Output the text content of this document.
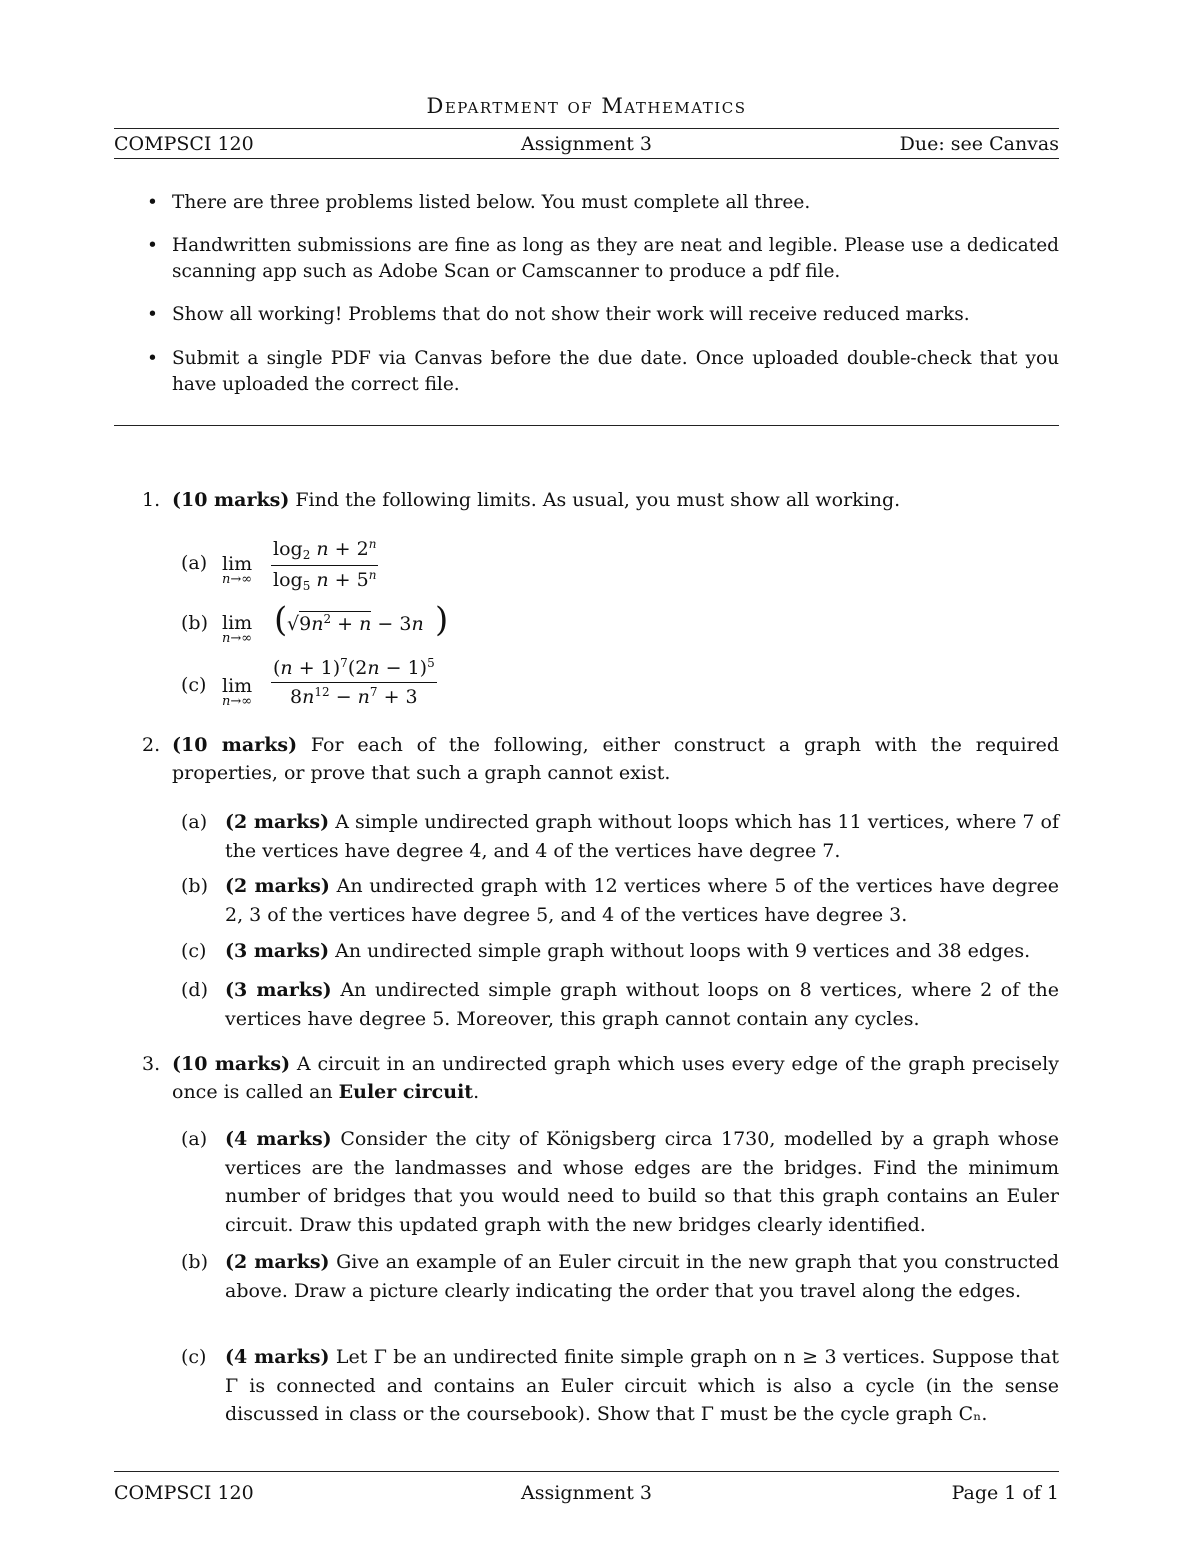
Department of Mathematics
COMPSCI 120	Assignment 3	Due: see Canvas
• There are three problems listed below. You must complete all three.
• Handwritten submissions are fine as long as they are neat and legible. Please use a dedicated scanning app such as Adobe Scan or Camscanner to produce a pdf file.
• Show all working! Problems that do not show their work will receive reduced marks.
• Submit a single PDF via Canvas before the due date. Once uploaded double-check that you have uploaded the correct file.
1. (10 marks) Find the following limits. As usual, you must show all working.
(a) lim
$n\to\infty \frac{\log_2 n + 2^n}{\log_5 n + 5^n}$
(b) lim
n→∞ ( $√9n^2 + n - 3n$ )
(c) lim
$n\to\infty \frac{(n + 1)^7(2n - 1)^5}{8n^{12} - n^7 + 3}$
2. (10 marks) For each of the following, either construct a graph with the required properties, or prove that such a graph cannot exist.
(a) (2 marks) A simple undirected graph without loops which has 11 vertices, where 7 of the vertices have degree 4, and 4 of the vertices have degree 7.
(b) (2 marks) An undirected graph with 12 vertices where 5 of the vertices have degree 2, 3 of the vertices have degree 5, and 4 of the vertices have degree 3.
(c) (3 marks) An undirected simple graph without loops with 9 vertices and 38 edges.
(d) (3 marks) An undirected simple graph without loops on 8 vertices, where 2 of the vertices have degree 5. Moreover, this graph cannot contain any cycles.
3. (10 marks) A circuit in an undirected graph which uses every edge of the graph precisely once is called an Euler circuit.
(a) (4 marks) Consider the city of Königsberg circa 1730, modelled by a graph whose vertices are the landmasses and whose edges are the bridges. Find the minimum number of bridges that you would need to build so that this graph contains an Euler circuit. Draw this updated graph with the new bridges clearly identified.
(b) (2 marks) Give an example of an Euler circuit in the new graph that you constructed above. Draw a picture clearly indicating the order that you travel along the edges.
(c) (4 marks) Let Γ be an undirected finite simple graph on n ≥ 3 vertices. Suppose that Γ is connected and contains an Euler circuit which is also a cycle (in the sense discussed in class or the coursebook). Show that Γ must be the cycle graph Cₙ.
COMPSCI 120	Assignment 3	Page 1 of 1
